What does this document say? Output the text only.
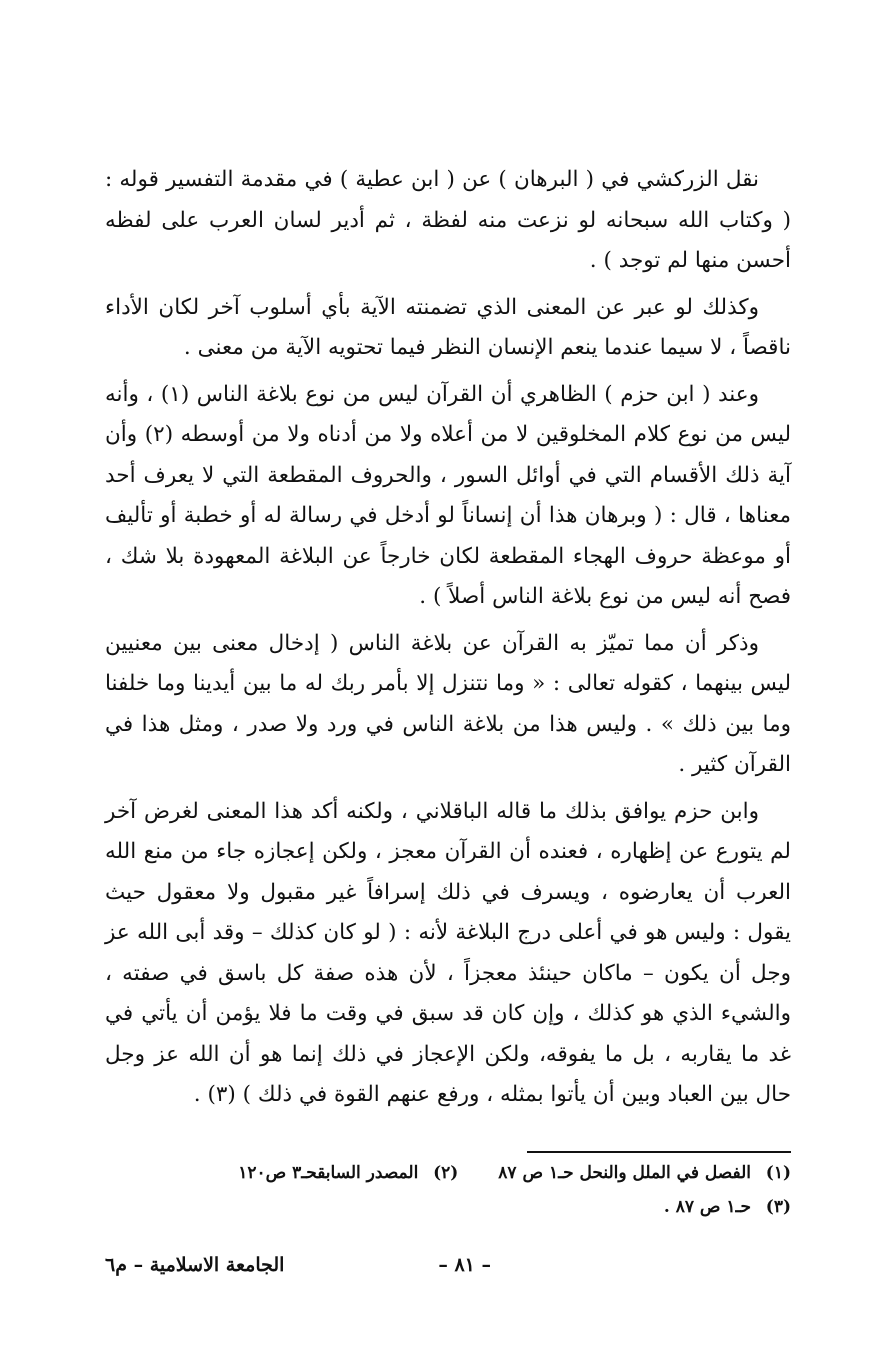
نقل الزركشي في ( البرهان ) عن ( ابن عطية ) في مقدمة التفسير قوله : ( وكتاب الله سبحانه لو نزعت منه لفظة ، ثم أدير لسان العرب على لفظه أحسن منها لم توجد ) .

وكذلك لو عبر عن المعنى الذي تضمنته الآية بأي أسلوب آخر لكان الأداء ناقصاً ، لا سيما عندما ينعم الإنسان النظر فيما تحتويه الآية من معنى .

وعند ( ابن حزم ) الظاهري أن القرآن ليس من نوع بلاغة الناس (١) ، وأنه ليس من نوع كلام المخلوقين لا من أعلاه ولا من أدناه ولا من أوسطه (٢) وأن آية ذلك الأقسام التي في أوائل السور ، والحروف المقطعة التي لا يعرف أحد معناها ، قال : ( وبرهان هذا أن إنساناً لو أدخل في رسالة له أو خطبة أو تأليف أو موعظة حروف الهجاء المقطعة لكان خارجاً عن البلاغة المعهودة بلا شك ، فصح أنه ليس من نوع بلاغة الناس أصلاً ) .

وذكر أن مما تميّز به القرآن عن بلاغة الناس ( إدخال معنى بين معنيين ليس بينهما ، كقوله تعالى : « وما نتنزل إلا بأمر ربك له ما بين أيدينا وما خلفنا وما بين ذلك » . وليس هذا من بلاغة الناس في ورد ولا صدر ، ومثل هذا في القرآن كثير .

وابن حزم يوافق بذلك ما قاله الباقلاني ، ولكنه أكد هذا المعنى لغرض آخر لم يتورع عن إظهاره ، فعنده أن القرآن معجز ، ولكن إعجازه جاء من منع الله العرب أن يعارضوه ، ويسرف في ذلك إسرافاً غير مقبول ولا معقول حيث يقول : وليس هو في أعلى درج البلاغة لأنه : ( لو كان كذلك – وقد أبى الله عز وجل أن يكون – ماكان حينئذ معجزاً ، لأن هذه صفة كل باسق في صفته ، والشيء الذي هو كذلك ، وإن كان قد سبق في وقت ما فلا يؤمن أن يأتي في غد ما يقاربه ، بل ما يفوقه، ولكن الإعجاز في ذلك إنما هو أن الله عز وجل حال بين العباد وبين أن يأتوا بمثله ، ورفع عنهم القوة في ذلك ) (٣) .

(١)
الفصل في الملل والنحل حـ١ ص ٨٧
(٢)
المصدر السابقحـ٣ ص١٢٠
(٣)
حـ١ ص ٨٧ .
– ٨١ –
الجامعة الاسلامية – م٦
